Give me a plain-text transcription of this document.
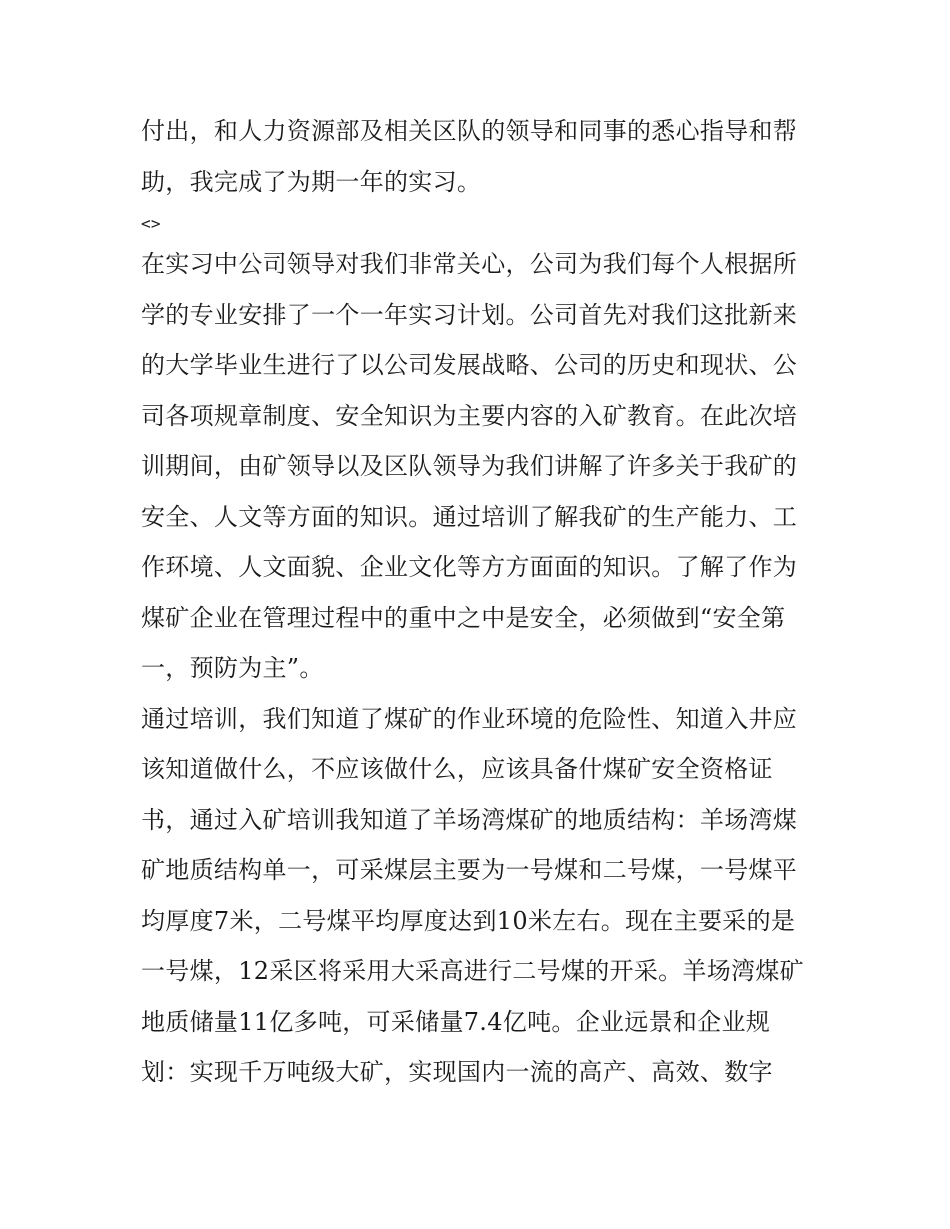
付出，和人力资源部及相关区队的领导和同事的悉心指导和帮助，我完成了为期一年的实习。

<>

在实习中公司领导对我们非常关心，公司为我们每个人根据所学的专业安排了一个一年实习计划。公司首先对我们这批新来的大学毕业生进行了以公司发展战略、公司的历史和现状、公司各项规章制度、安全知识为主要内容的入矿教育。在此次培训期间，由矿领导以及区队领导为我们讲解了许多关于我矿的安全、人文等方面的知识。通过培训了解我矿的生产能力、工作环境、人文面貌、企业文化等方方面面的知识。了解了作为煤矿企业在管理过程中的重中之中是安全，必须做到“安全第一，预防为主”。

通过培训，我们知道了煤矿的作业环境的危险性、知道入井应该知道做什么，不应该做什么，应该具备什煤矿安全资格证书，通过入矿培训我知道了羊场湾煤矿的地质结构：羊场湾煤矿地质结构单一，可采煤层主要为一号煤和二号煤，一号煤平均厚度7米，二号煤平均厚度达到10米左右。现在主要采的是一号煤，12采区将采用大采高进行二号煤的开采。羊场湾煤矿地质储量11亿多吨，可采储量7.4亿吨。企业远景和企业规划：实现千万吨级大矿，实现国内一流的高产、高效、数字
